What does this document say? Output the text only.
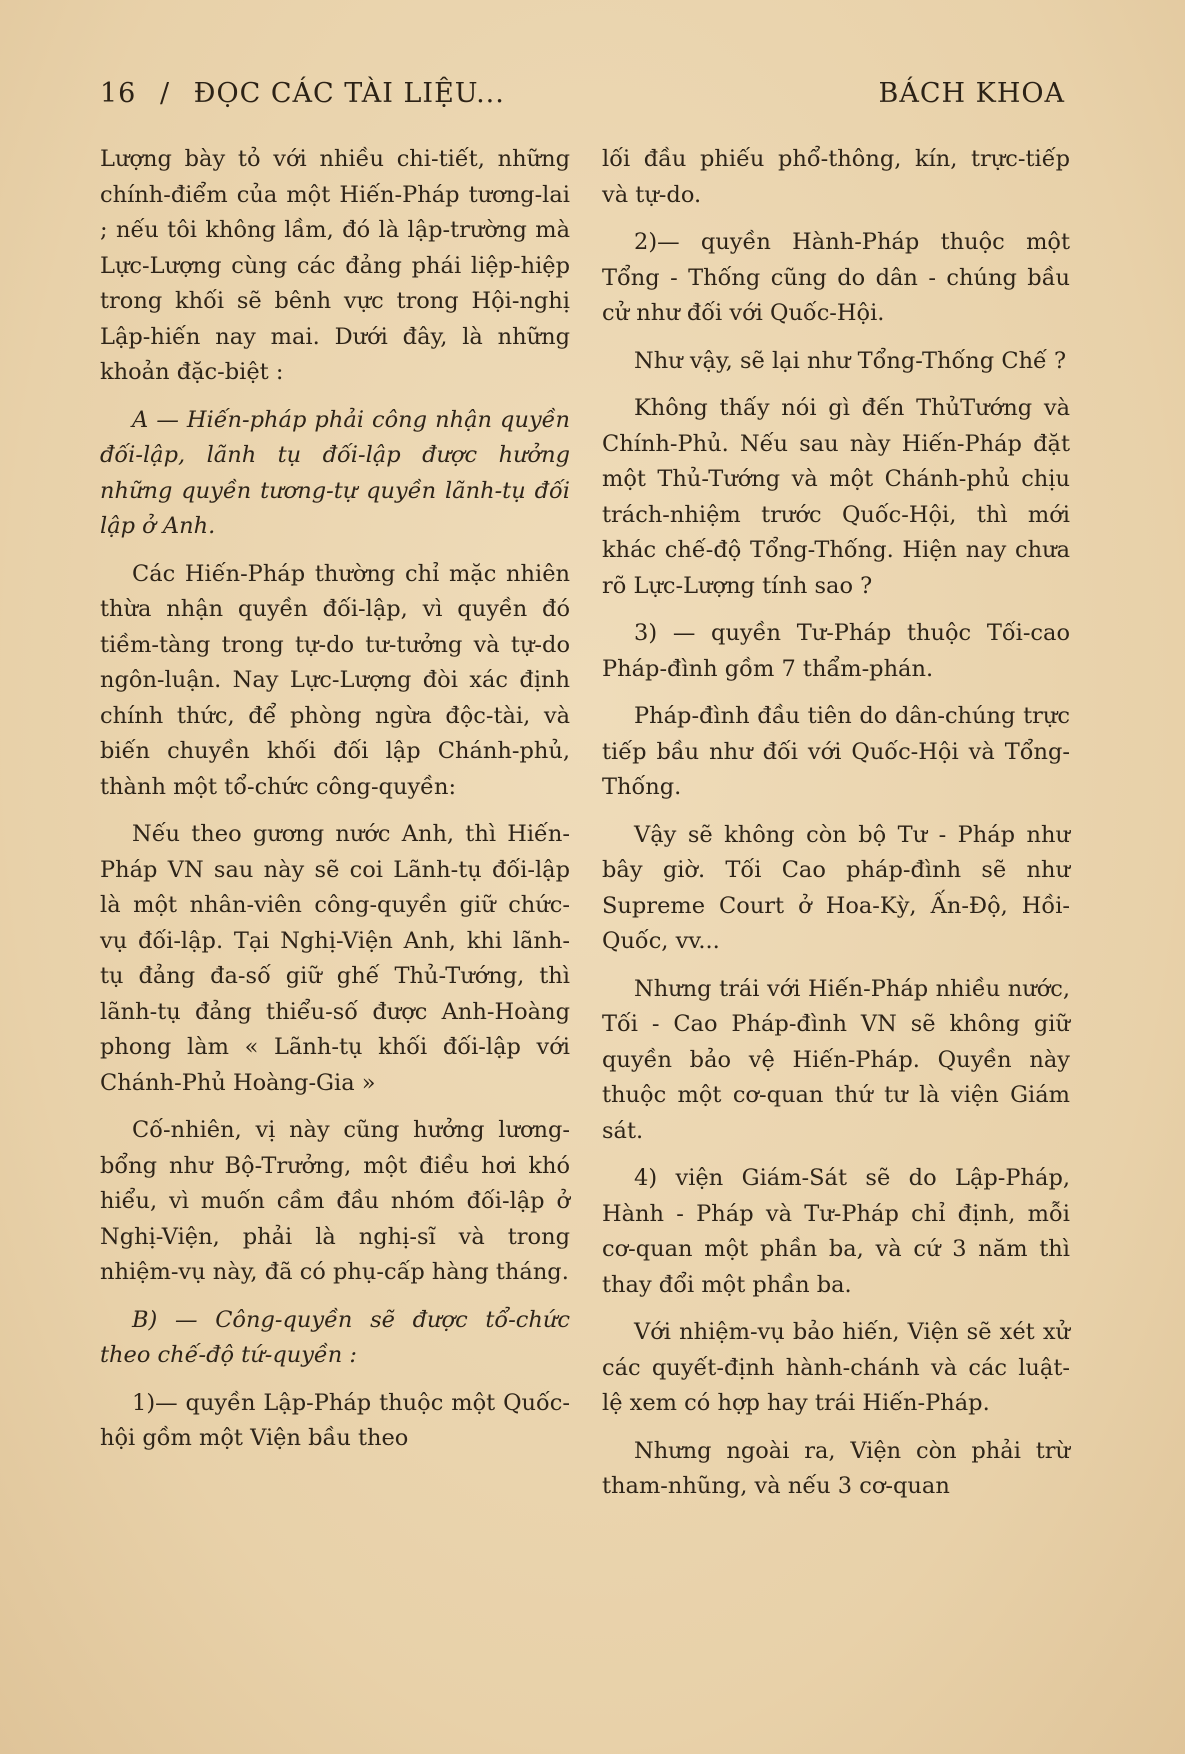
16 / ĐỌC CÁC TÀI LIỆU...	BÁCH KHOA

Lượng bày tỏ với nhiều chi-tiết, những chính-điểm của một Hiến-Pháp tương-lai ; nếu tôi không lầm, đó là lập-trường mà Lực-Lượng cùng các đảng phái liệp-hiệp trong khối sẽ bênh vực trong Hội-nghị Lập-hiến nay mai. Dưới đây, là những khoản đặc-biệt :

A — Hiến-pháp phải công nhận quyền đối-lập, lãnh tụ đối-lập được hưởng những quyền tương-tự quyền lãnh-tụ đối lập ở Anh.

Các Hiến-Pháp thường chỉ mặc nhiên thừa nhận quyền đối-lập, vì quyền đó tiềm-tàng trong tự-do tư-tưởng và tự-do ngôn-luận. Nay Lực-Lượng đòi xác định chính thức, để phòng ngừa độc-tài, và biến chuyền khối đối lập Chánh-phủ, thành một tổ-chức công-quyền:

Nếu theo gương nước Anh, thì Hiến-Pháp VN sau này sẽ coi Lãnh-tụ đối-lập là một nhân-viên công-quyền giữ chức-vụ đối-lập. Tại Nghị-Viện Anh, khi lãnh-tụ đảng đa-số giữ ghế Thủ-Tướng, thì lãnh-tụ đảng thiểu-số được Anh-Hoàng phong làm « Lãnh-tụ khối đối-lập với Chánh-Phủ Hoàng-Gia »

Cố-nhiên, vị này cũng hưởng lương-bổng như Bộ-Trưởng, một điều hơi khó hiểu, vì muốn cầm đầu nhóm đối-lập ở Nghị-Viện, phải là nghị-sĩ và trong nhiệm-vụ này, đã có phụ-cấp hàng tháng.

B) — Công-quyền sẽ được tổ-chức theo chế-độ tứ-quyền :

1)— quyền Lập-Pháp thuộc một Quốc-hội gồm một Viện bầu theo

lối đầu phiếu phổ-thông, kín, trực-tiếp và tự-do.

2)— quyền Hành-Pháp thuộc một Tổng - Thống cũng do dân - chúng bầu cử như đối với Quốc-Hội.

Như vậy, sẽ lại như Tổng-Thống Chế ?

Không thấy nói gì đến ThủTướng và Chính-Phủ. Nếu sau này Hiến-Pháp đặt một Thủ-Tướng và một Chánh-phủ chịu trách-nhiệm trước Quốc-Hội, thì mới khác chế-độ Tổng-Thống. Hiện nay chưa rõ Lực-Lượng tính sao ?

3) — quyền Tư-Pháp thuộc Tối-cao Pháp-đình gồm 7 thẩm-phán.

Pháp-đình đầu tiên do dân-chúng trực tiếp bầu như đối với Quốc-Hội và Tổng-Thống.

Vậy sẽ không còn bộ Tư - Pháp như bây giờ. Tối Cao pháp-đình sẽ như Supreme Court ở Hoa-Kỳ, Ấn-Độ, Hồi-Quốc, vv...

Nhưng trái với Hiến-Pháp nhiều nước, Tối - Cao Pháp-đình VN sẽ không giữ quyền bảo vệ Hiến-Pháp. Quyền này thuộc một cơ-quan thứ tư là viện Giám sát.

4) viện Giám-Sát sẽ do Lập-Pháp, Hành - Pháp và Tư-Pháp chỉ định, mỗi cơ-quan một phần ba, và cứ 3 năm thì thay đổi một phần ba.

Với nhiệm-vụ bảo hiến, Viện sẽ xét xử các quyết-định hành-chánh và các luật-lệ xem có hợp hay trái Hiến-Pháp.

Nhưng ngoài ra, Viện còn phải trừ tham-nhũng, và nếu 3 cơ-quan
